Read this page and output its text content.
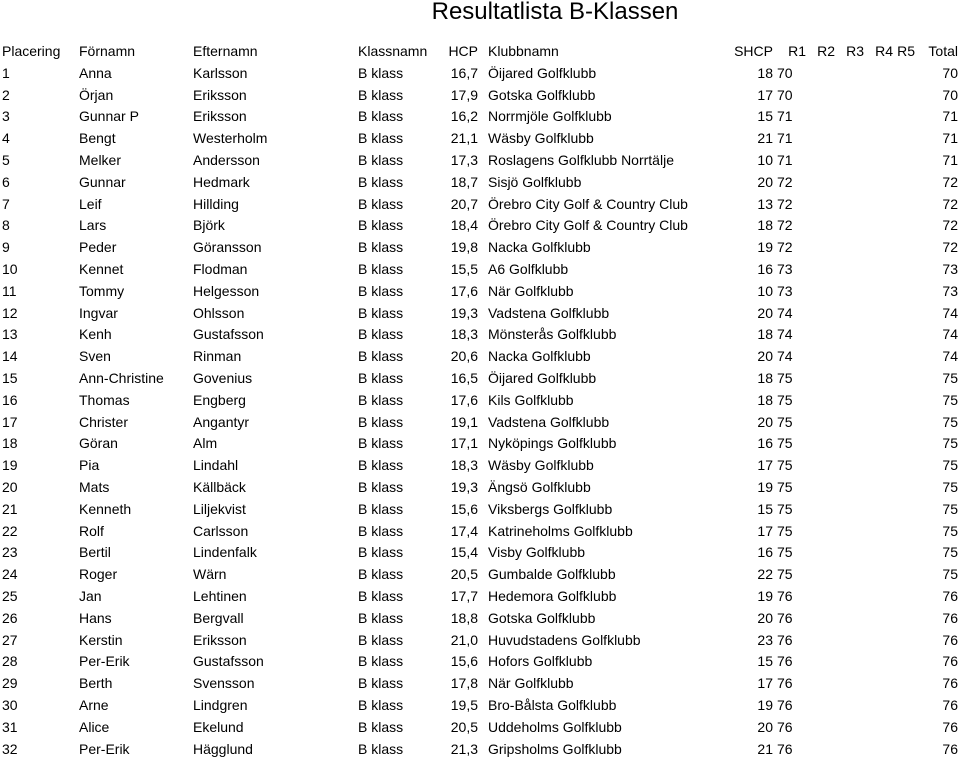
Resultatlista B-Klassen
Placering	Förnamn	Efternamn	Klassnamn	HCP	Klubbnamn	SHCP	R1	R2	R3	R4	R5	Total
1	Anna	Karlsson	B klass	16,7	Öijared Golfklubb	18	70					70
2	Örjan	Eriksson	B klass	17,9	Gotska Golfklubb	17	70					70
3	Gunnar P	Eriksson	B klass	16,2	Norrmjöle Golfklubb	15	71					71
4	Bengt	Westerholm	B klass	21,1	Wäsby Golfklubb	21	71					71
5	Melker	Andersson	B klass	17,3	Roslagens Golfklubb Norrtälje	10	71					71
6	Gunnar	Hedmark	B klass	18,7	Sisjö Golfklubb	20	72					72
7	Leif	Hillding	B klass	20,7	Örebro City Golf & Country Club	13	72					72
8	Lars	Björk	B klass	18,4	Örebro City Golf & Country Club	18	72					72
9	Peder	Göransson	B klass	19,8	Nacka Golfklubb	19	72					72
10	Kennet	Flodman	B klass	15,5	A6 Golfklubb	16	73					73
11	Tommy	Helgesson	B klass	17,6	När Golfklubb	10	73					73
12	Ingvar	Ohlsson	B klass	19,3	Vadstena Golfklubb	20	74					74
13	Kenh	Gustafsson	B klass	18,3	Mönsterås Golfklubb	18	74					74
14	Sven	Rinman	B klass	20,6	Nacka Golfklubb	20	74					74
15	Ann-Christine	Govenius	B klass	16,5	Öijared Golfklubb	18	75					75
16	Thomas	Engberg	B klass	17,6	Kils Golfklubb	18	75					75
17	Christer	Angantyr	B klass	19,1	Vadstena Golfklubb	20	75					75
18	Göran	Alm	B klass	17,1	Nyköpings Golfklubb	16	75					75
19	Pia	Lindahl	B klass	18,3	Wäsby Golfklubb	17	75					75
20	Mats	Källbäck	B klass	19,3	Ängsö Golfklubb	19	75					75
21	Kenneth	Liljekvist	B klass	15,6	Viksbergs Golfklubb	15	75					75
22	Rolf	Carlsson	B klass	17,4	Katrineholms Golfklubb	17	75					75
23	Bertil	Lindenfalk	B klass	15,4	Visby Golfklubb	16	75					75
24	Roger	Wärn	B klass	20,5	Gumbalde Golfklubb	22	75					75
25	Jan	Lehtinen	B klass	17,7	Hedemora Golfklubb	19	76					76
26	Hans	Bergvall	B klass	18,8	Gotska Golfklubb	20	76					76
27	Kerstin	Eriksson	B klass	21,0	Huvudstadens Golfklubb	23	76					76
28	Per-Erik	Gustafsson	B klass	15,6	Hofors Golfklubb	15	76					76
29	Berth	Svensson	B klass	17,8	När Golfklubb	17	76					76
30	Arne	Lindgren	B klass	19,5	Bro-Bålsta Golfklubb	19	76					76
31	Alice	Ekelund	B klass	20,5	Uddeholms Golfklubb	20	76					76
32	Per-Erik	Hägglund	B klass	21,3	Gripsholms Golfklubb	21	76					76
